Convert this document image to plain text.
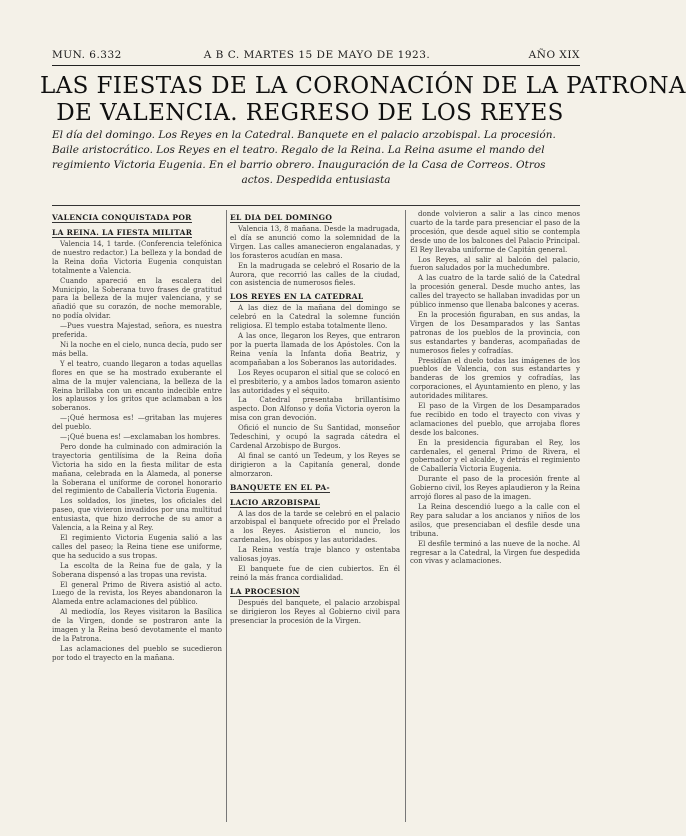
MUN. 6.332	A B C. MARTES 15 DE MAYO DE 1923.	AÑO XIX
LAS FIESTAS DE LA CORONACIÓN DE LA PATRONA
DE VALENCIA. REGRESO DE LOS REYES
El día del domingo. Los Reyes en la Catedral. Banquete en el palacio arzobispal. La procesión.
Baile aristocrático. Los Reyes en el teatro. Regalo de la Reina. La Reina asume el mando del
regimiento Victoria Eugenia. En el barrio obrero. Inauguración de la Casa de Correos. Otros
actos. Despedida entusiasta
VALENCIA CONQUISTADA POR
LA REINA. LA FIESTA MILITAR

Valencia 14, 1 tarde. (Conferencia telefónica de nuestro redactor.) La belleza y la bondad de la Reina doña Victoria Eugenia conquistan totalmente a Valencia.

Cuando apareció en la escalera del Municipio, la Soberana tuvo frases de gratitud para la belleza de la mujer valenciana, y se añadió que su corazón, de noche memorable, no podía olvidar.

—Pues vuestra Majestad, señora, es nuestra preferida.

Ni la noche en el cielo, nunca decía, pudo ser más bella.

Y el teatro, cuando llegaron a todas aquellas flores en que se ha mostrado exuberante el alma de la mujer valenciana, la belleza de la Reina brillaba con un encanto indecible entre los aplausos y los gritos que aclamaban a los soberanos.

—¡Qué hermosa es! —gritaban las mujeres del pueblo.

—¡Qué buena es! —exclamaban los hombres.

Pero donde ha culminado con admiración la trayectoria gentilísima de la Reina doña Victoria ha sido en la fiesta militar de esta mañana, celebrada en la Alameda, al ponerse la Soberana el uniforme de coronel honorario del regimiento de Caballería Victoria Eugenia.

Los soldados, los jinetes, los oficiales del paseo, que vivieron invadidos por una multitud entusiasta, que hizo derroche de su amor a Valencia, a la Reina y al Rey.

El regimiento Victoria Eugenia salió a las calles del paseo; la Reina tiene ese uniforme, que ha seducido a sus tropas.

La escolta de la Reina fue de gala, y la Soberana dispensó a las tropas una revista.

El general Primo de Rivera asistió al acto. Luego de la revista, los Reyes abandonaron la Alameda entre aclamaciones del público.

Al mediodía, los Reyes visitaron la Basílica de la Virgen, donde se postraron ante la imagen y la Reina besó devotamente el manto de la Patrona.

Las aclamaciones del pueblo se sucedieron por todo el trayecto en la mañana.

EL DIA DEL DOMINGO

Valencia 13, 8 mañana. Desde la madrugada, el día se anunció como la solemnidad de la Virgen. Las calles amanecieron engalanadas, y los forasteros acudían en masa.

En la madrugada se celebró el Rosario de la Aurora, que recorrió las calles de la ciudad, con asistencia de numerosos fieles.

LOS REYES EN LA CATEDRAL

A las diez de la mañana del domingo se celebró en la Catedral la solemne función religiosa. El templo estaba totalmente lleno.

A las once, llegaron los Reyes, que entraron por la puerta llamada de los Apóstoles. Con la Reina venía la Infanta doña Beatriz, y acompañaban a los Soberanos las autoridades.

Los Reyes ocuparon el sitial que se colocó en el presbiterio, y a ambos lados tomaron asiento las autoridades y el séquito.

La Catedral presentaba brillantísimo aspecto. Don Alfonso y doña Victoria oyeron la misa con gran devoción.

Ofició el nuncio de Su Santidad, monseñor Tedeschini, y ocupó la sagrada cátedra el Cardenal Arzobispo de Burgos.

Al final se cantó un Tedeum, y los Reyes se dirigieron a la Capitanía general, donde almorzaron.

BANQUETE EN EL PA-
LACIO ARZOBISPAL

A las dos de la tarde se celebró en el palacio arzobispal el banquete ofrecido por el Prelado a los Reyes. Asistieron el nuncio, los cardenales, los obispos y las autoridades.

La Reina vestía traje blanco y ostentaba valiosas joyas.

El banquete fue de cien cubiertos. En él reinó la más franca cordialidad.

LA PROCESION

Después del banquete, el palacio arzobispal se dirigieron los Reyes al Gobierno civil para presenciar la procesión de la Virgen.

donde volvieron a salir a las cinco menos cuarto de la tarde para presenciar el paso de la procesión, que desde aquel sitio se contempla desde uno de los balcones del Palacio Principal. El Rey llevaba uniforme de Capitán general.

Los Reyes, al salir al balcón del palacio, fueron saludados por la muchedumbre.

A las cuatro de la tarde salió de la Catedral la procesión general. Desde mucho antes, las calles del trayecto se hallaban invadidas por un público inmenso que llenaba balcones y aceras.

En la procesión figuraban, en sus andas, la Virgen de los Desamparados y las Santas patronas de los pueblos de la provincia, con sus estandartes y banderas, acompañadas de numerosos fieles y cofradías.

Presidían el duelo todas las imágenes de los pueblos de Valencia, con sus estandartes y banderas de los gremios y cofradías, las corporaciones, el Ayuntamiento en pleno, y las autoridades militares.

El paso de la Virgen de los Desamparados fue recibido en todo el trayecto con vivas y aclamaciones del pueblo, que arrojaba flores desde los balcones.

En la presidencia figuraban el Rey, los cardenales, el general Primo de Rivera, el gobernador y el alcalde, y detrás el regimiento de Caballería Victoria Eugenia.

Durante el paso de la procesión frente al Gobierno civil, los Reyes aplaudieron y la Reina arrojó flores al paso de la imagen.

La Reina descendió luego a la calle con el Rey para saludar a los ancianos y niños de los asilos, que presenciaban el desfile desde una tribuna.

El desfile terminó a las nueve de la noche. Al regresar a la Catedral, la Virgen fue despedida con vivas y aclamaciones.
